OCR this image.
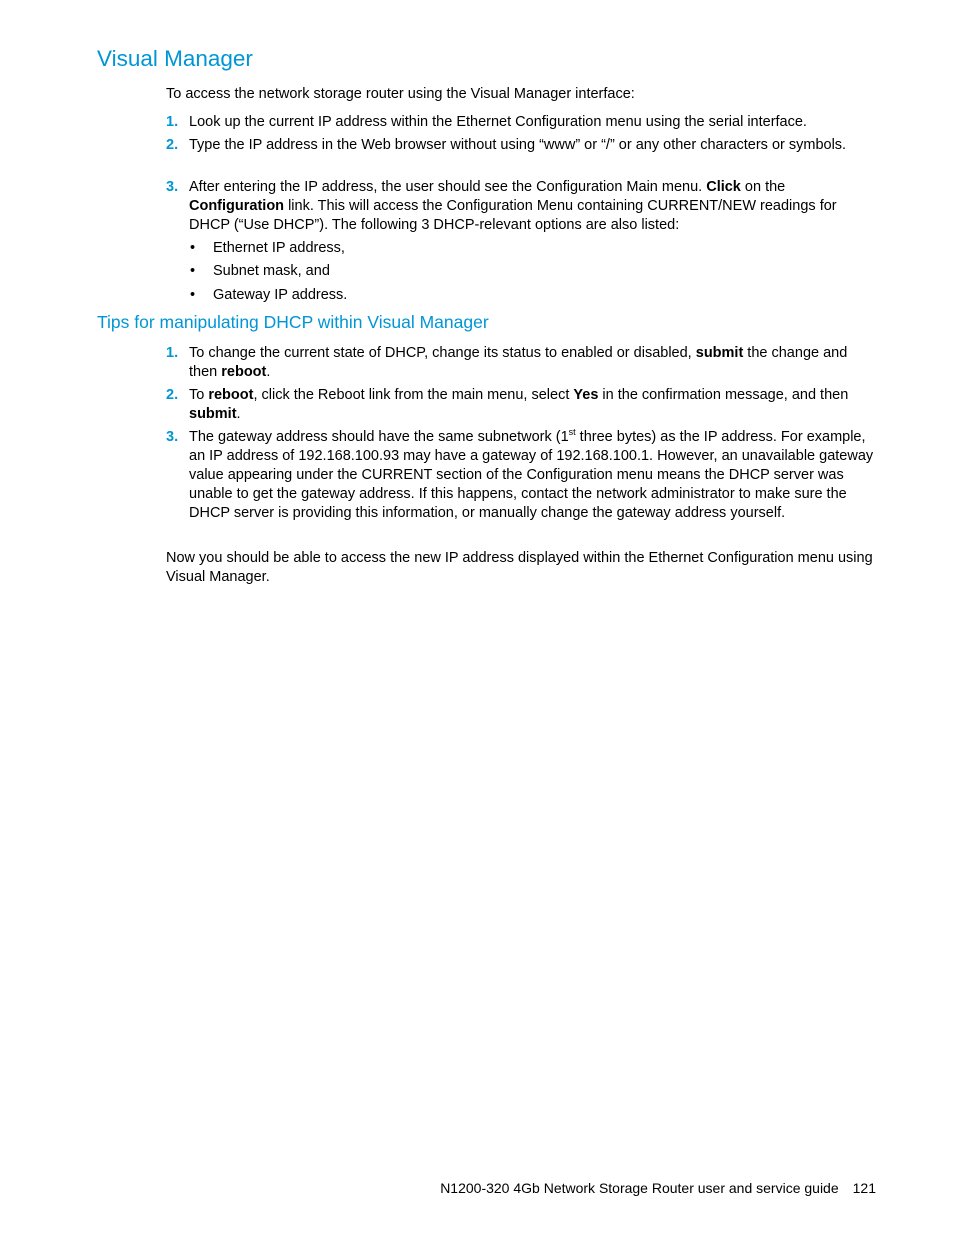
Visual Manager

To access the network storage router using the Visual Manager interface:

1. Look up the current IP address within the Ethernet Configuration menu using the serial interface.
2. Type the IP address in the Web browser without using “www” or “/” or any other characters or symbols.
3. After entering the IP address, the user should see the Configuration Main menu. Click on the Configuration link. This will access the Configuration Menu containing CURRENT/NEW readings for DHCP (“Use DHCP”). The following 3 DHCP-relevant options are also listed:
• Ethernet IP address,
• Subnet mask, and
• Gateway IP address.
Tips for manipulating DHCP within Visual Manager
1. To change the current state of DHCP, change its status to enabled or disabled, submit the change and then reboot.
2. To reboot, click the Reboot link from the main menu, select Yes in the confirmation message, and then submit.
3. The gateway address should have the same subnetwork (1st three bytes) as the IP address. For example, an IP address of 192.168.100.93 may have a gateway of 192.168.100.1. However, an unavailable gateway value appearing under the CURRENT section of the Configuration menu means the DHCP server was unable to get the gateway address. If this happens, contact the network administrator to make sure the DHCP server is providing this information, or manually change the gateway address yourself.

Now you should be able to access the new IP address displayed within the Ethernet Configuration menu using Visual Manager.

N1200-320 4Gb Network Storage Router user and service guide 121
